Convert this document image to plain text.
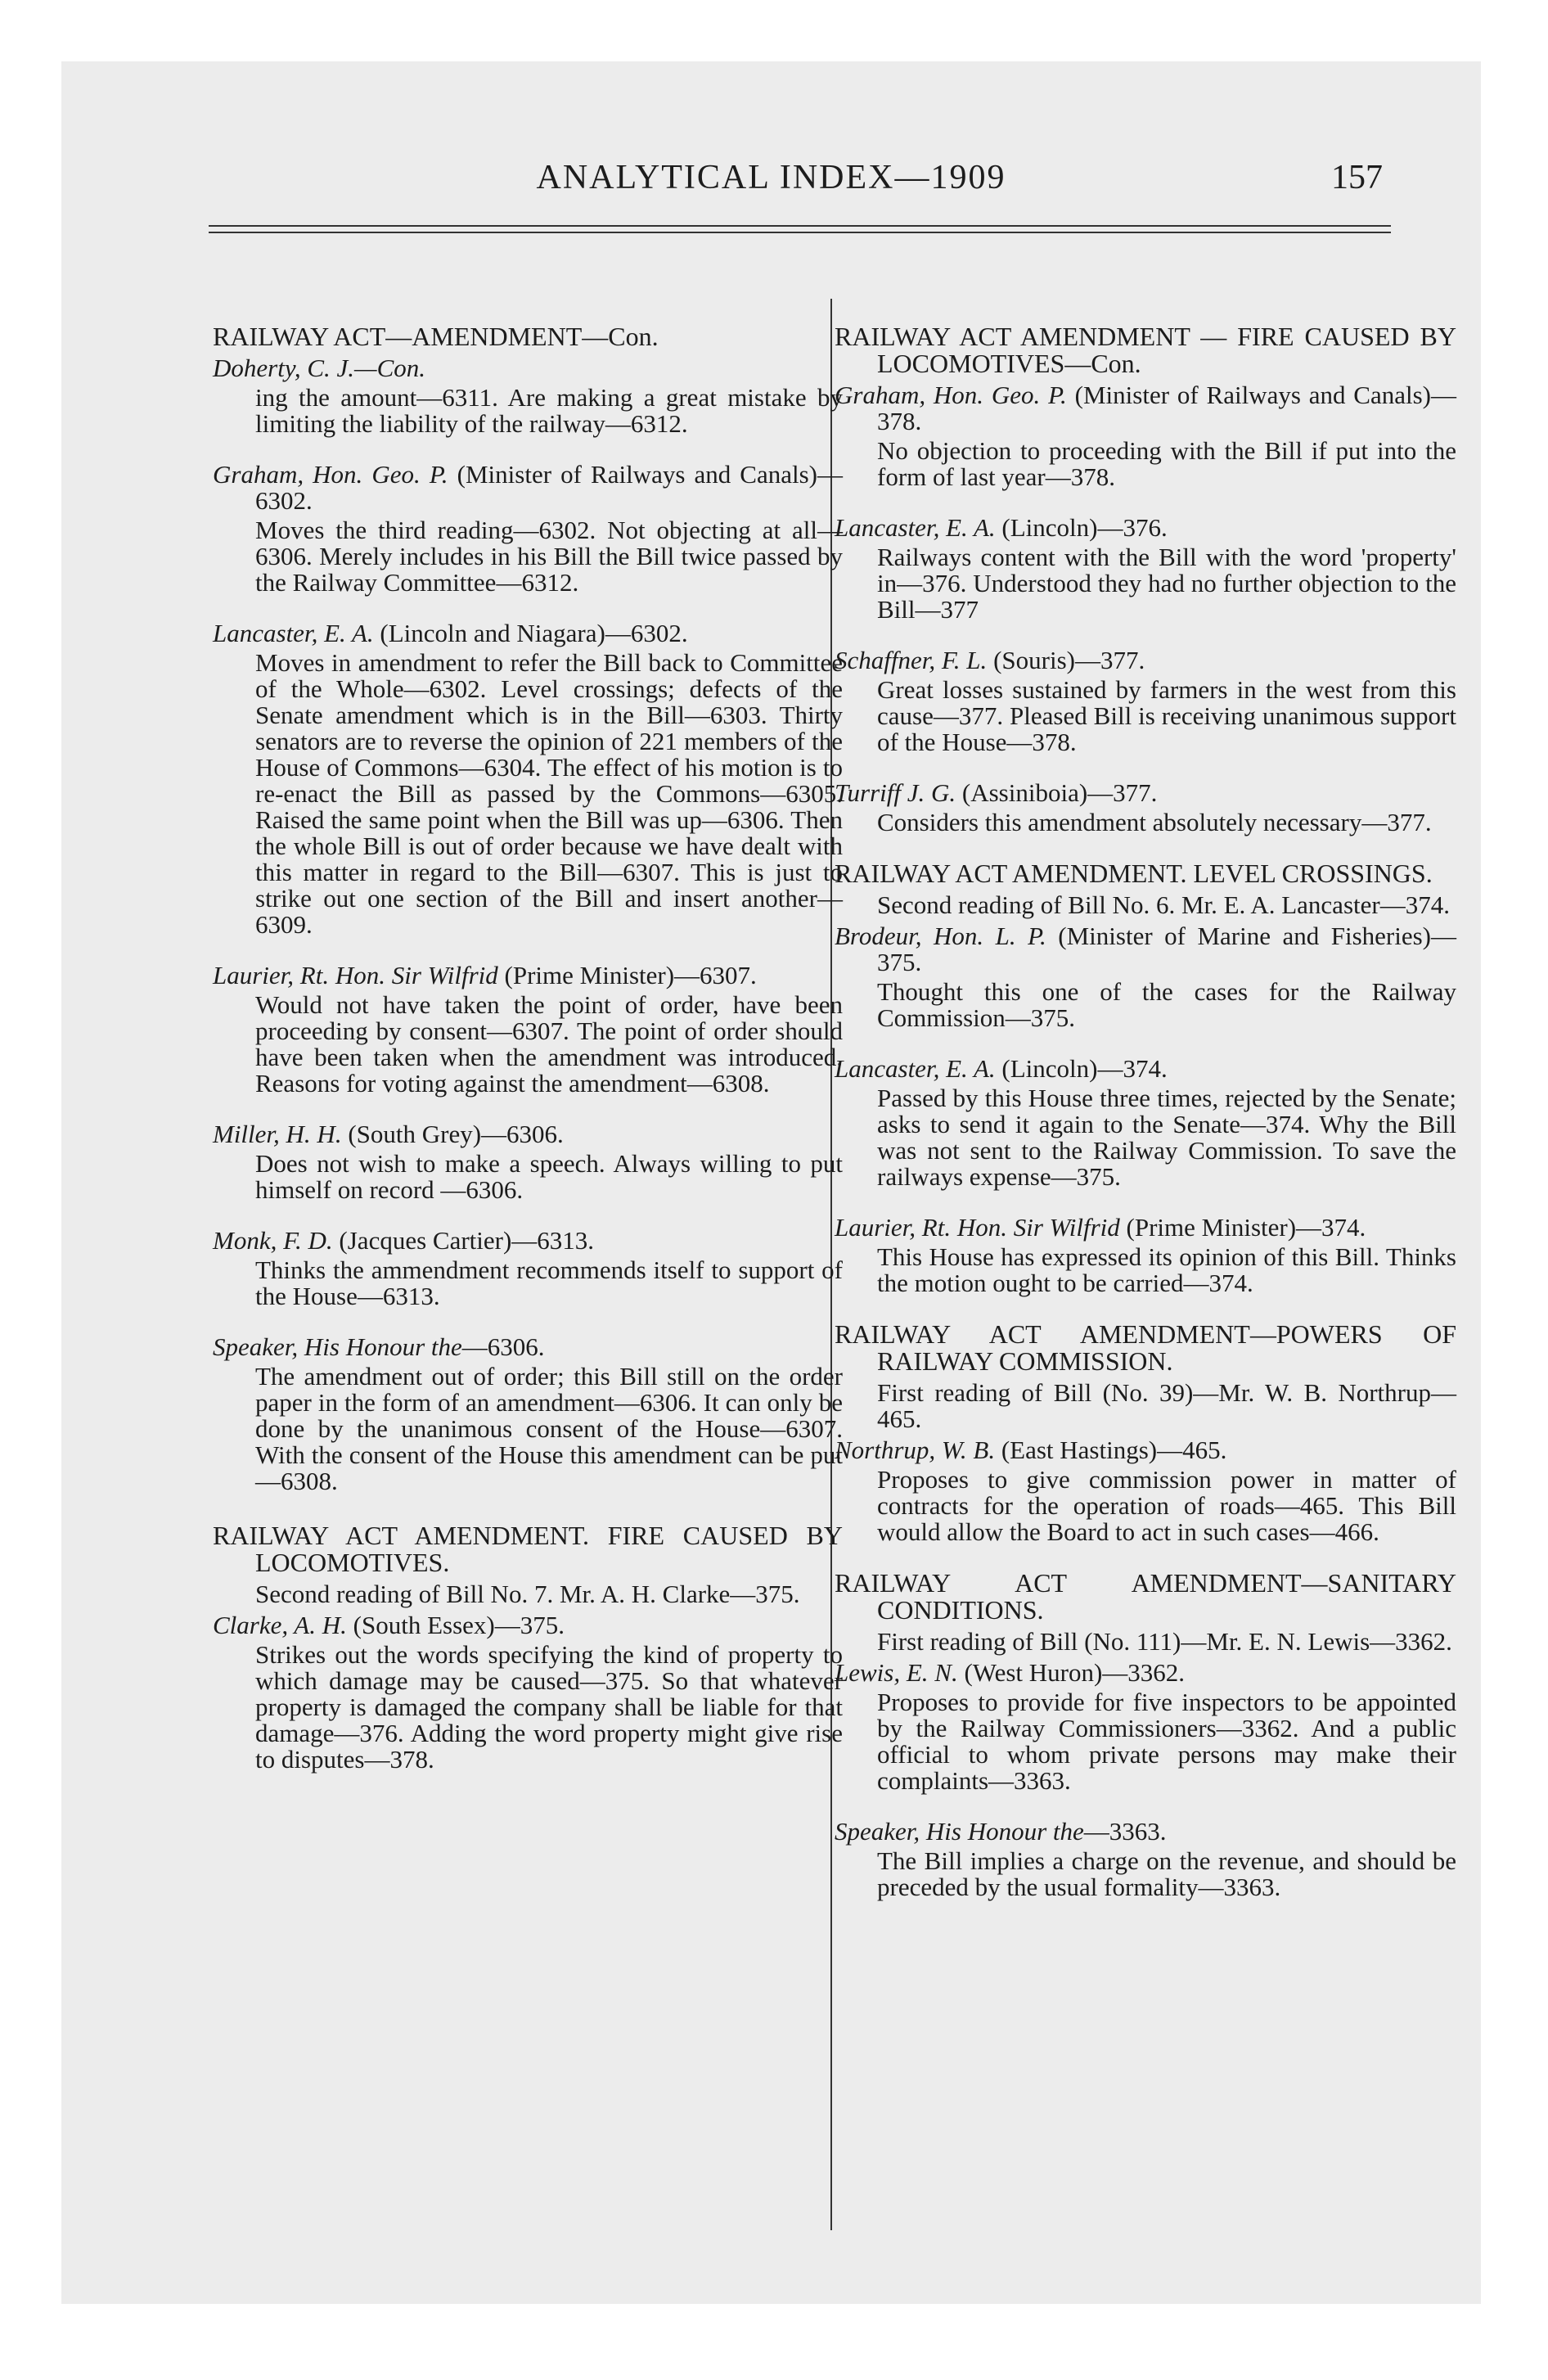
ANALYTICAL INDEX—1909	157
RAILWAY ACT—AMENDMENT—Con.
Doherty, C. J.—Con.
ing the amount—6311. Are making a great mistake by limiting the liability of the railway—6312.
Graham, Hon. Geo. P. (Minister of Railways and Canals)—6302.
Moves the third reading—6302. Not objecting at all—6306. Merely includes in his Bill the Bill twice passed by the Railway Committee—6312.
Lancaster, E. A. (Lincoln and Niagara)—6302.
Moves in amendment to refer the Bill back to Committee of the Whole—6302. Level crossings; defects of the Senate amendment which is in the Bill—6303. Thirty senators are to reverse the opinion of 221 members of the House of Commons—6304. The effect of his motion is to re-enact the Bill as passed by the Commons—6305. Raised the same point when the Bill was up—6306. Then the whole Bill is out of order because we have dealt with this matter in regard to the Bill—6307. This is just to strike out one section of the Bill and insert another—6309.
Laurier, Rt. Hon. Sir Wilfrid (Prime Minister)—6307.
Would not have taken the point of order, have been proceeding by consent—6307. The point of order should have been taken when the amendment was introduced. Reasons for voting against the amendment—6308.
Miller, H. H. (South Grey)—6306.
Does not wish to make a speech. Always willing to put himself on record —6306.
Monk, F. D. (Jacques Cartier)—6313.
Thinks the ammendment recommends itself to support of the House—6313.
Speaker, His Honour the—6306.
The amendment out of order; this Bill still on the order paper in the form of an amendment—6306. It can only be done by the unanimous consent of the House—6307. With the consent of the House this amendment can be put—6308.
RAILWAY ACT AMENDMENT. FIRE CAUSED BY LOCOMOTIVES.
Second reading of Bill No. 7. Mr. A. H. Clarke—375.
Clarke, A. H. (South Essex)—375.
Strikes out the words specifying the kind of property to which damage may be caused—375. So that whatever property is damaged the company shall be liable for that damage—376. Adding the word property might give rise to disputes—378.
RAILWAY ACT AMENDMENT — FIRE CAUSED BY LOCOMOTIVES—Con.
Graham, Hon. Geo. P. (Minister of Railways and Canals)—378.
No objection to proceeding with the Bill if put into the form of last year—378.
Lancaster, E. A. (Lincoln)—376.
Railways content with the Bill with the word 'property' in—376. Understood they had no further objection to the Bill—377
Schaffner, F. L. (Souris)—377.
Great losses sustained by farmers in the west from this cause—377. Pleased Bill is receiving unanimous support of the House—378.
Turriff J. G. (Assiniboia)—377.
Considers this amendment absolutely necessary—377.
RAILWAY ACT AMENDMENT. LEVEL CROSSINGS.
Second reading of Bill No. 6. Mr. E. A. Lancaster—374.
Brodeur, Hon. L. P. (Minister of Marine and Fisheries)—375.
Thought this one of the cases for the Railway Commission—375.
Lancaster, E. A. (Lincoln)—374.
Passed by this House three times, rejected by the Senate; asks to send it again to the Senate—374. Why the Bill was not sent to the Railway Commission. To save the railways expense—375.
Laurier, Rt. Hon. Sir Wilfrid (Prime Minister)—374.
This House has expressed its opinion of this Bill. Thinks the motion ought to be carried—374.
RAILWAY ACT AMENDMENT—POWERS OF RAILWAY COMMISSION.
First reading of Bill (No. 39)—Mr. W. B. Northrup—465.
Northrup, W. B. (East Hastings)—465.
Proposes to give commission power in matter of contracts for the operation of roads—465. This Bill would allow the Board to act in such cases—466.
RAILWAY ACT AMENDMENT—SANITARY CONDITIONS.
First reading of Bill (No. 111)—Mr. E. N. Lewis—3362.
Lewis, E. N. (West Huron)—3362.
Proposes to provide for five inspectors to be appointed by the Railway Commissioners—3362. And a public official to whom private persons may make their complaints—3363.
Speaker, His Honour the—3363.
The Bill implies a charge on the revenue, and should be preceded by the usual formality—3363.
